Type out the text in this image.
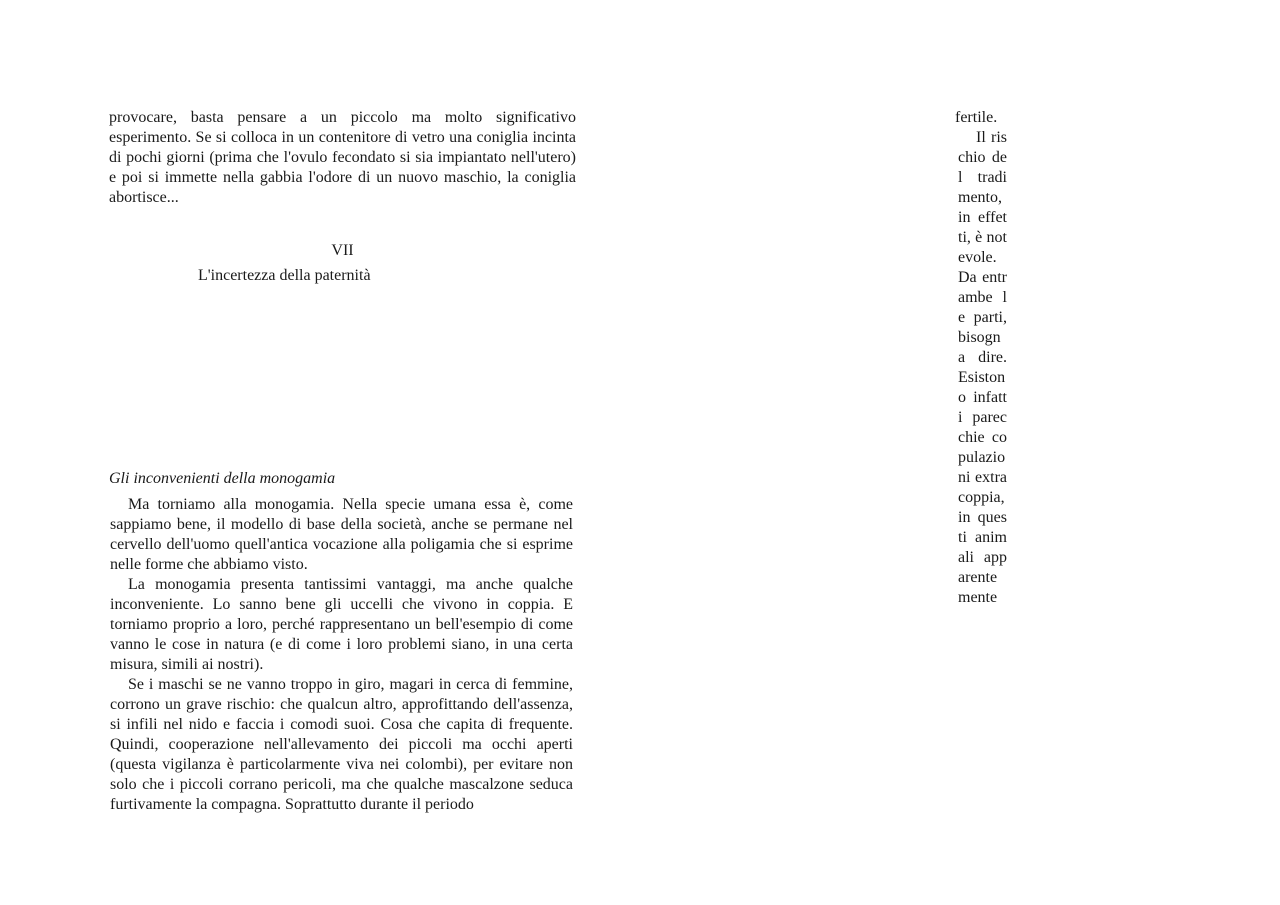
provocare, basta pensare a un piccolo ma molto significativo esperimento. Se si colloca in un contenitore di vetro una coniglia incinta di pochi giorni (prima che l'ovulo fecondato si sia impiantato nell'utero) e poi si immette nella gabbia l'odore di un nuovo maschio, la coniglia abortisce...

VII
L'incertezza della paternità
Gli inconvenienti della monogamia

Ma torniamo alla monogamia. Nella specie umana essa è, come sappiamo bene, il modello di base della società, anche se permane nel cervello dell'uomo quell'antica vocazione alla poligamia che si esprime nelle forme che abbiamo visto.

La monogamia presenta tantissimi vantaggi, ma anche qualche inconveniente. Lo sanno bene gli uccelli che vivono in coppia. E torniamo proprio a loro, perché rappresentano un bell'esempio di come vanno le cose in natura (e di come i loro problemi siano, in una certa misura, simili ai nostri).

Se i maschi se ne vanno troppo in giro, magari in cerca di femmine, corrono un grave rischio: che qualcun altro, approfittando dell'assenza, si infili nel nido e faccia i comodi suoi. Cosa che capita di frequente. Quindi, cooperazione nell'allevamento dei piccoli ma occhi aperti (questa vigilanza è particolarmente viva nei colombi), per evitare non solo che i piccoli corrano pericoli, ma che qualche mascalzone seduca furtivamente la compagna. Soprattutto durante il periodo

fertile.

Il rischio del tradimento, in effetti, è notevole. Da entrambe le parti, bisogna dire. Esistono infatti parecchie copulazioni extracoppia, in questi animali apparentemente
